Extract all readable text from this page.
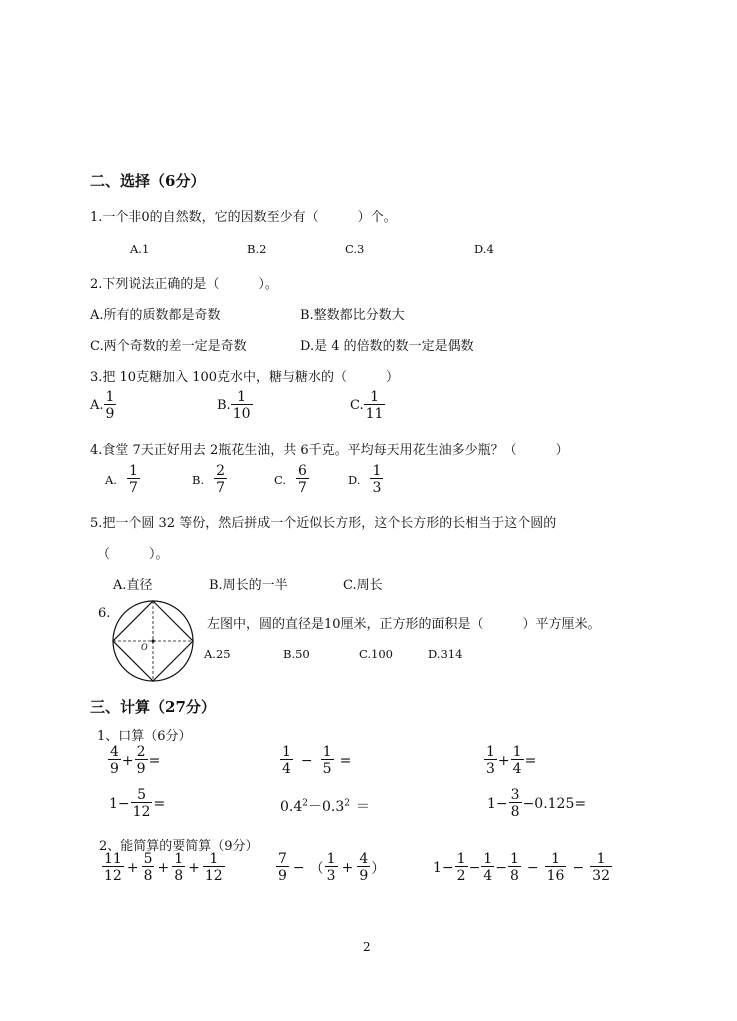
二、选择（6分）
1.一个非0的自然数，它的因数至少有（　　　）个。
A.1	B.2	C.3	D.4
2.下列说法正确的是（　　　）。
A.所有的质数都是奇数	B.整数都比分数大
C.两个奇数的差一定是奇数	D.是 4 的倍数的数一定是偶数
3.把 10克糖加入 100克水中，糖与糖水的（　　　）
A. $\frac{1}{9}$	B. $\frac{1}{10}$	C. $\frac{1}{11}$
4.食堂 7天正好用去 2瓶花生油，共 6千克。平均每天用花生油多少瓶？（　　　）
A. $\frac{1}{7}$	B. $\frac{2}{7}$	C. $\frac{6}{7}$	D. $\frac{1}{3}$
5.把一个圆 32 等份，然后拼成一个近似长方形，这个长方形的长相当于这个圆的
（　　　）。
A.直径	B.周长的一半	C.周长
6.
O
左图中，圆的直径是10厘米，正方形的面积是（　　　）平方厘米。
A.25	B.50	C.100	D.314
三、计算（27分）
1、口算（6分）
$\frac{4}{9} + \frac{2}{9}$ =	$\frac{1}{4} - \frac{1}{5}$ =	$\frac{1}{3} + \frac{1}{4}$ =
$1- \frac{5}{12}$ =	$0.4^2-0.3^2$ ＝	$1- \frac{3}{8} -0.125=$
2、能简算的要简算（9分）
$\frac{11}{12} + \frac{5}{8} + \frac{1}{8} + \frac{1}{12}$	$\frac{7}{9}$ − （ $\frac{1}{3} + \frac{4}{9}$ ）	$1- \frac{1}{2} - \frac{1}{4} - \frac{1}{8} - \frac{1}{16} - \frac{1}{32}$
2
